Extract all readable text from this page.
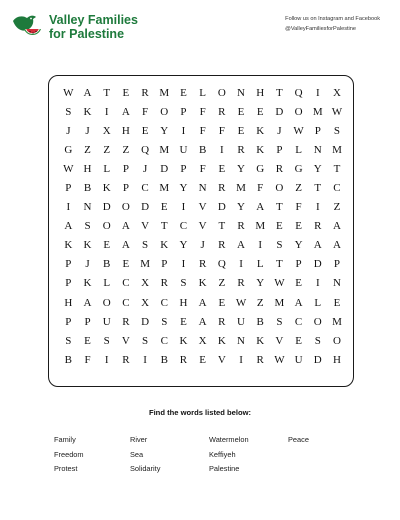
Valley Families
for Palestine
Follow us on Instagram and Facebook
@ValleyFamiliesforPalestine
W A	T	E	R M E	L	O N H	T	Q	I	X
S	K	I	A	F	O	P	F	R	E	E	D O M W
J	J	X H	E	Y	I	F	F	E	K	J	W P	S
G	Z	Z	Z	Q M U	B	I	R	K	P	L	N M
W H	L	P	J	D	P	F	E	Y G	R	G Y	T
P	B	K	P	C M Y N	R M F	O	Z	T	C
I	N D O D	E	I	V D Y A	T	F	I	Z
A	S	O A V	T	C	V	T	R M E	E	R	A
K K	E	A	S	K Y	J	R	A	I	S	Y A A
P	J	B	E M P	I	R	Q	I	L	T	P	D	P
P	K	L	C	X	R	S	K	Z	R	Y W E	I	N
H A O	C	X	C	H A	E W Z M A	L	E
P	P	U	R	D	S	E	A	R	U	B	S	C	O M
S	E	S	V	S	C	K X K N K V	E	S	O
B	F	I	R	I	B	R	E	V	I	R W U D H
Find the words listed below:
Family
Freedom
Protest
River
Sea
Solidarity
Watermelon
Keffiyeh
Palestine
Peace
